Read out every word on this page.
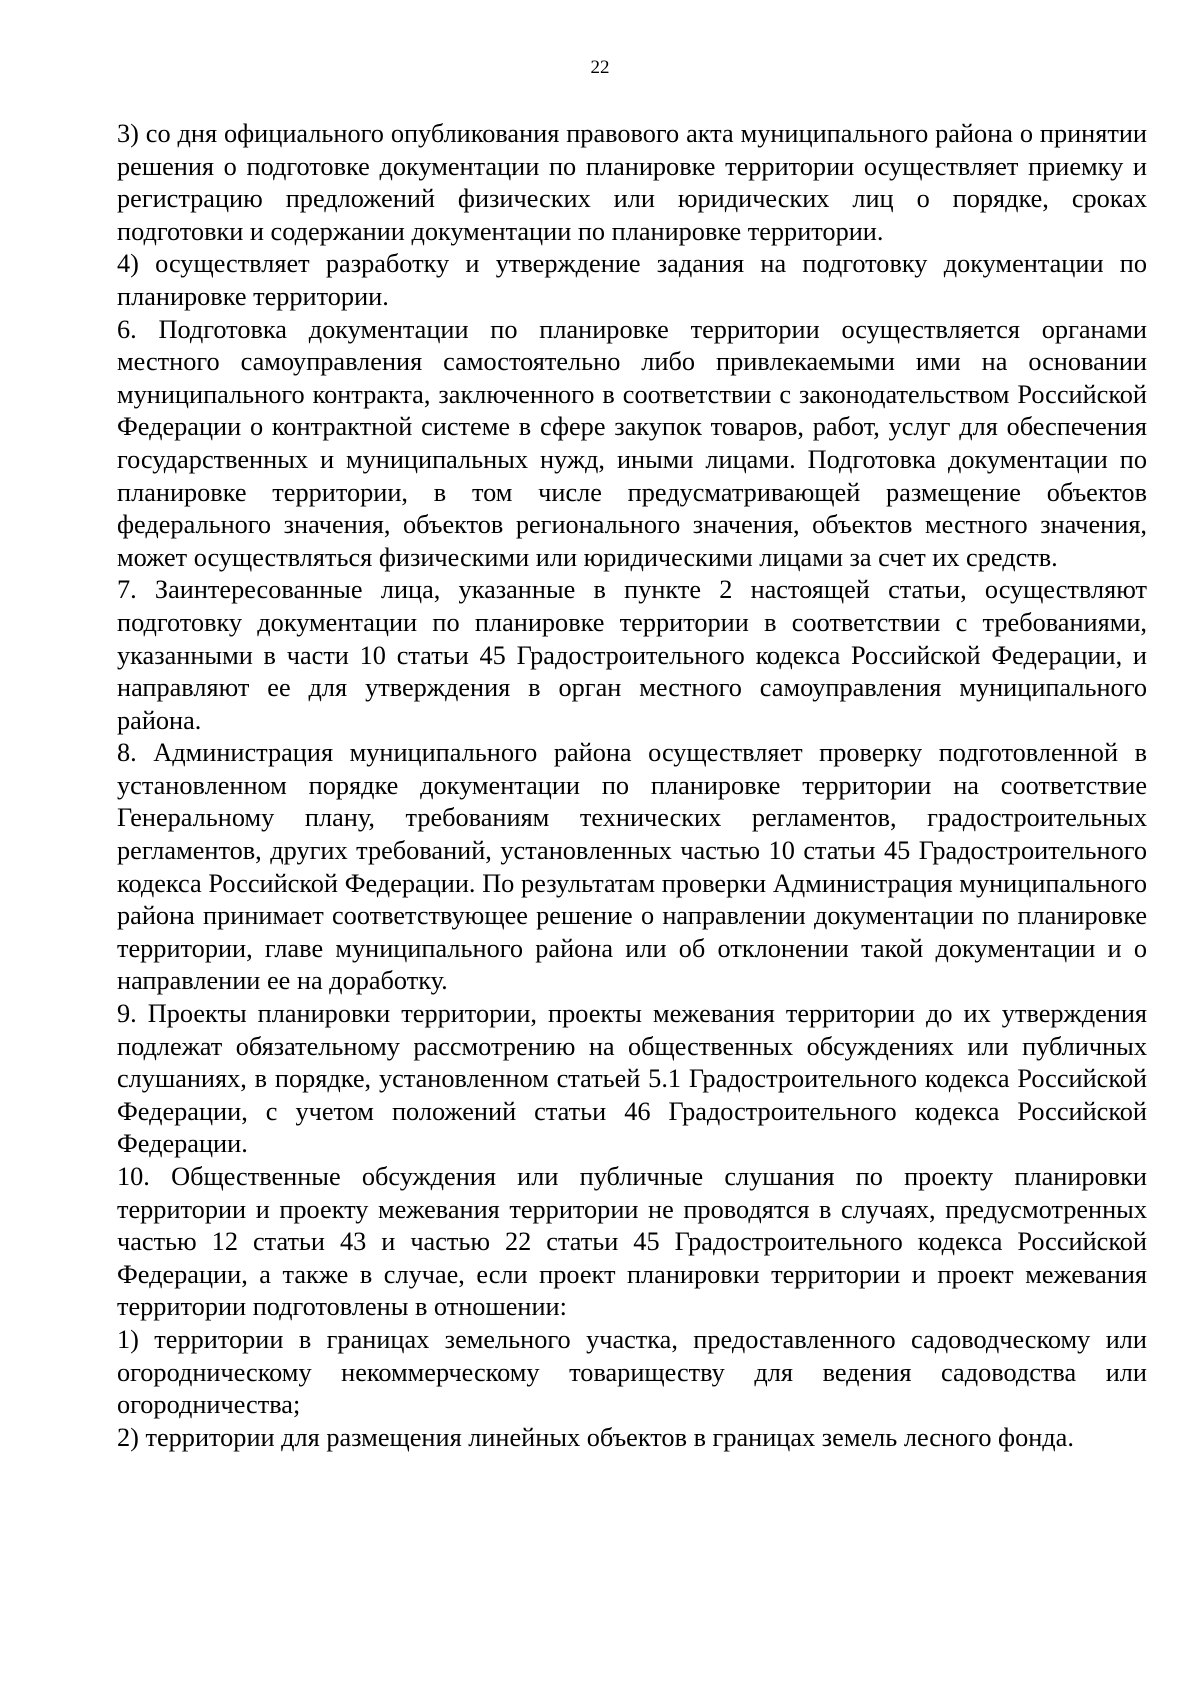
22

3) со дня официального опубликования правового акта муниципального района о принятии решения о подготовке документации по планировке территории осуществляет приемку и регистрацию предложений физических или юридических лиц о порядке, сроках подготовки и содержании документации по планировке территории.

4) осуществляет разработку и утверждение задания на подготовку документации по планировке территории.

6. Подготовка документации по планировке территории осуществляется органами местного самоуправления самостоятельно либо привлекаемыми ими на основании муниципального контракта, заключенного в соответствии с законодательством Российской Федерации о контрактной системе в сфере закупок товаров, работ, услуг для обеспечения государственных и муниципальных нужд, иными лицами. Подготовка документации по планировке территории, в том числе предусматривающей размещение объектов федерального значения, объектов регионального значения, объектов местного значения, может осуществляться физическими или юридическими лицами за счет их средств.

7. Заинтересованные лица, указанные в пункте 2 настоящей статьи, осуществляют подготовку документации по планировке территории в соответствии с требованиями, указанными в части 10 статьи 45 Градостроительного кодекса Российской Федерации, и направляют ее для утверждения в орган местного самоуправления муниципального района.

8. Администрация муниципального района осуществляет проверку подготовленной в установленном порядке документации по планировке территории на соответствие Генеральному плану, требованиям технических регламентов, градостроительных регламентов, других требований, установленных частью 10 статьи 45 Градостроительного кодекса Российской Федерации. По результатам проверки Администрация муниципального района принимает соответствующее решение о направлении документации по планировке территории, главе муниципального района или об отклонении такой документации и о направлении ее на доработку.

9. Проекты планировки территории, проекты межевания территории до их утверждения подлежат обязательному рассмотрению на общественных обсуждениях или публичных слушаниях, в порядке, установленном статьей 5.1 Градостроительного кодекса Российской Федерации, с учетом положений статьи 46 Градостроительного кодекса Российской Федерации.

10. Общественные обсуждения или публичные слушания по проекту планировки территории и проекту межевания территории не проводятся в случаях, предусмотренных частью 12 статьи 43 и частью 22 статьи 45 Градостроительного кодекса Российской Федерации, а также в случае, если проект планировки территории и проект межевания территории подготовлены в отношении:

1) территории в границах земельного участка, предоставленного садоводческому или огородническому некоммерческому товариществу для ведения садоводства или огородничества;

2) территории для размещения линейных объектов в границах земель лесного фонда.
